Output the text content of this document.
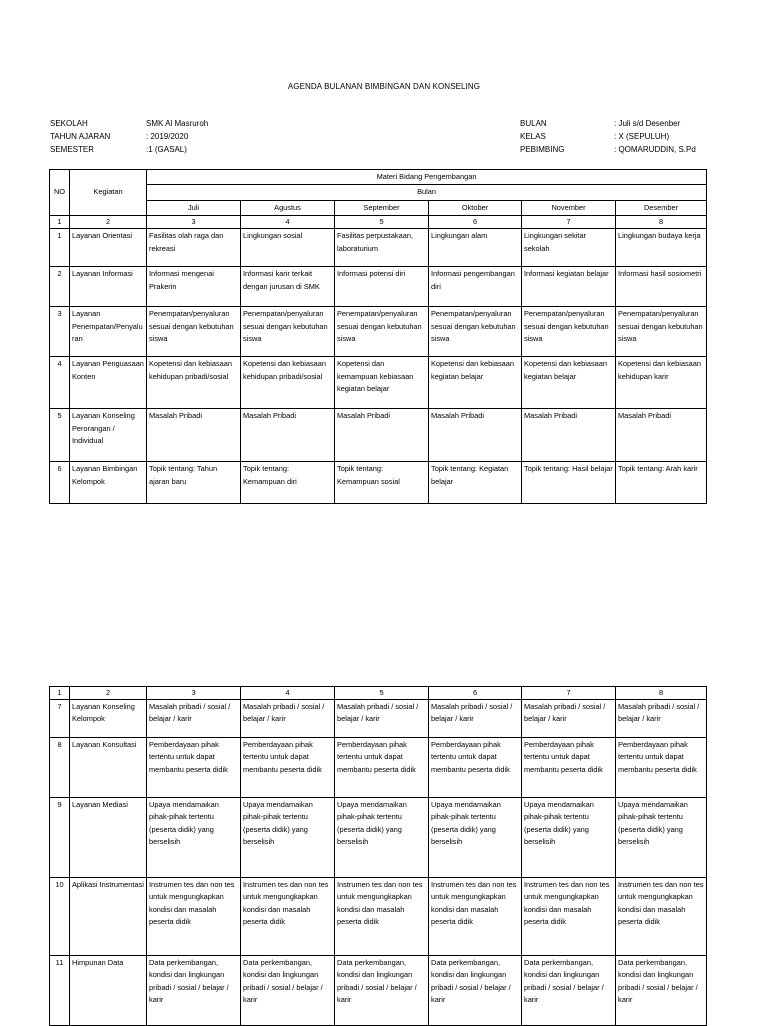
AGENDA BULANAN BIMBINGAN DAN KONSELING
SEKOLAH	SMK Al Masruroh
TAHUN AJARAN	: 2019/2020
SEMESTER	:1 (GASAL)
BULAN	: Juli s/d Desenber
KELAS	: X (SEPULUH)
PEBIMBING	: QOMARUDDIN, S.Pd
NO	Kegiatan	Materi Bidang Pengembangan					
		Bulan					
		Juli	Agustus	September	Oktober	November	Desember
1	2	3	4	5	6	7	8
1	Layanan Orientasi	Fasilitas olah raga dan rekreasi	Lingkungan sosial	Fasilitas perpustakaan, laboraturium	Lingkungan alam	Lingkungan sekitar sekolah	Lingkungan budaya kerja
2	Layanan Informasi	Informasi mengenai Prakerin	Informasi karir terkait dengan jurusan di SMK	Informasi potensi diri	Informasi pengembangan diri	Informasi kegiatan belajar	Informasi hasil sosiometri
3	Layanan Penempatan/Penyaluran	Penempatan/penyaluran sesuai dengan kebutuhan siswa	Penempatan/penyaluran sesuai dengan kebutuhan siswa	Penempatan/penyaluran sesuai dengan kebutuhan siswa	Penempatan/penyaluran sesuai dengan kebutuhan siswa	Penempatan/penyaluran sesuai dengan kebutuhan siswa	Penempatan/penyaluran sesuai dengan kebutuhan siswa
4	Layanan Penguasaan Konten	Kopetensi dan kebiasaan kehidupan pribadi/sosial	Kopetensi dan kebiasaan kehidupan pribadi/sosial	Kopetensi dan kemampuan kebiasaan kegiatan belajar	Kopetensi dan kebiasaan kegiatan belajar	Kopetensi dan kebiasaan kegiatan belajar	Kopetensi dan kebiasaan kehidupan karir
5	Layanan Konseling Perorangan / Individual	Masalah Pribadi	Masalah Pribadi	Masalah Pribadi	Masalah Pribadi	Masalah Pribadi	Masalah Pribadi
6	Layanan Bimbingan Kelompok	Topik tentang: Tahun ajaran baru	Topik tentang: Kemampuan diri	Topik tentang: Kemampuan sosial	Topik tentang: Kegiatan belajar	Topik tentang: Hasil belajar	Topik tentang: Arah karir
1	2	3	4	5	6	7	8
7	Layanan Konseling Kelompok	Masalah pribadi / sosial / belajar / karir	Masalah pribadi / sosial / belajar / karir	Masalah pribadi / sosial / belajar / karir	Masalah pribadi / sosial / belajar / karir	Masalah pribadi / sosial / belajar / karir	Masalah pribadi / sosial / belajar / karir
8	Layanan Konsultasi	Pemberdayaan pihak tertentu untuk dapat membantu peserta didik	Pemberdayaan pihak tertentu untuk dapat membantu peserta didik	Pemberdayaan pihak tertentu untuk dapat membantu peserta didik	Pemberdayaan pihak tertentu untuk dapat membantu peserta didik	Pemberdayaan pihak tertentu untuk dapat membantu peserta didik	Pemberdayaan pihak tertentu untuk dapat membantu peserta didik
9	Layanan Mediasi	Upaya mendamaikan pihak-pihak tertentu (peserta didik) yang berselisih	Upaya mendamaikan pihak-pihak tertentu (peserta didik) yang berselisih	Upaya mendamaikan pihak-pihak tertentu (peserta didik) yang berselisih	Upaya mendamaikan pihak-pihak tertentu (peserta didik) yang berselisih	Upaya mendamaikan pihak-pihak tertentu (peserta didik) yang berselisih	Upaya mendamaikan pihak-pihak tertentu (peserta didik) yang berselisih
10	Aplikasi Instrumentasi	Instrumen tes dan non tes untuk mengungkapkan kondisi dan masalah peserta didik	Instrumen tes dan non tes untuk mengungkapkan kondisi dan masalah peserta didik	Instrumen tes dan non tes untuk mengungkapkan kondisi dan masalah peserta didik	Instrumen tes dan non tes untuk mengungkapkan kondisi dan masalah peserta didik	Instrumen tes dan non tes untuk mengungkapkan kondisi dan masalah peserta didik	Instrumen tes dan non tes untuk mengungkapkan kondisi dan masalah peserta didik
11	Himpunan Data	Data perkembangan, kondisi dan lingkungan pribadi / sosial / belajar / karir	Data perkembangan, kondisi dan lingkungan pribadi / sosial / belajar / karir	Data perkembangan, kondisi dan lingkungan pribadi / sosial / belajar / karir	Data perkembangan, kondisi dan lingkungan pribadi / sosial / belajar / karir	Data perkembangan, kondisi dan lingkungan pribadi / sosial / belajar / karir	Data perkembangan, kondisi dan lingkungan pribadi / sosial / belajar / karir
